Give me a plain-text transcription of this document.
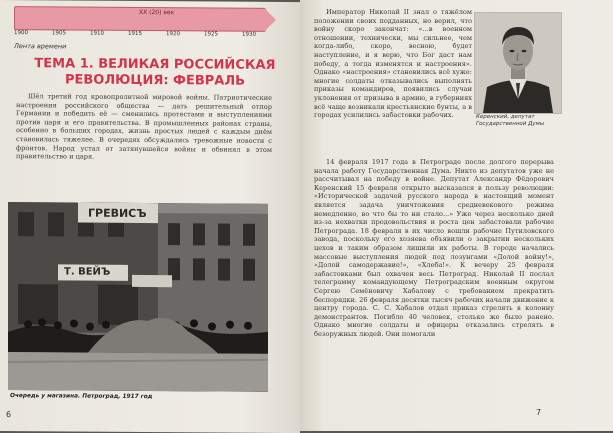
XX (20) век
1900	1905	1910	1915	1920	1925	1930
Лента времени
ТЕМА 1. ВЕЛИКАЯ РОССИЙСКАЯ РЕВОЛЮЦИЯ: ФЕВРАЛЬ

Шёл третий год кровопролитной мировой войны. Патриотические настроения российского общества — дать решительный отпор Германии и победить её — сменились протестами и выступлениями против царя и его правительства. В промышленных районах страны, особенно в больших городах, жизнь простых людей с каждым днём становилась тяжелее. В очередях обсуждались тревожные новости с фронтов. Народ устал от затянувшейся войны и обвинял в этом правительство и царя.

ГРЕВИСЪ
Т. ВЕЙЪ
Очередь у магазина. Петроград, 1917 год
6

Император Николай II знал о тяжёлом положении своих подданных, но верил, что войну скоро закончат: «...в военном отношении, технически, мы сильнее, чем когда-либо, скоро, весною, будет наступление, и я верю, что Бог даст нам победу, а тогда изменятся и настроения». Однако «настроения» становились всё хуже: многие солдаты отказывались выполнять приказы командиров, появились случаи уклонения от призыва в армию, в губерниях всё чаще возникали крестьянские бунты, а в городах усилились забастовки рабочих.	Керенский, депутат Государственной Думы

14 февраля 1917 года в Петрограде после долгого перерыва начала работу Государственная Дума. Никто из депутатов уже не рассчитывал на победу в войне. Депутат Александр Фёдорович Керенский 15 февраля открыто высказался в пользу революции: «Исторической задачей русского народа в настоящий момент является задача уничтожения средневекового режима немедленно, во что бы то ни стало...» Уже через несколько дней из-за нехватки продовольствия и роста цен забастовали рабочие Петрограда. 18 февраля в их число вошли рабочие Путиловского завода, поскольку его хозяева объявили о закрытии нескольких цехов и таким образом лишили их работы. В городе начались массовые выступления людей под лозунгами «Долой войну!», «Долой самодержавие!», «Хлеба!». К вечеру 25 февраля забастовками был охвачен весь Петроград. Николай II послал телеграмму командующему Петроградским военным округом Сергею Семёновичу Хабалову с требованием прекратить беспорядки. 26 февраля десятки тысяч рабочих начали движение к центру города. С. С. Хабалов отдал приказ стрелять в колонну демонстрантов. Погибло 40 человек, столько же было ранено. Однако многие солдаты и офицеры отказались стрелять в безоружных людей. Они помогали

7
